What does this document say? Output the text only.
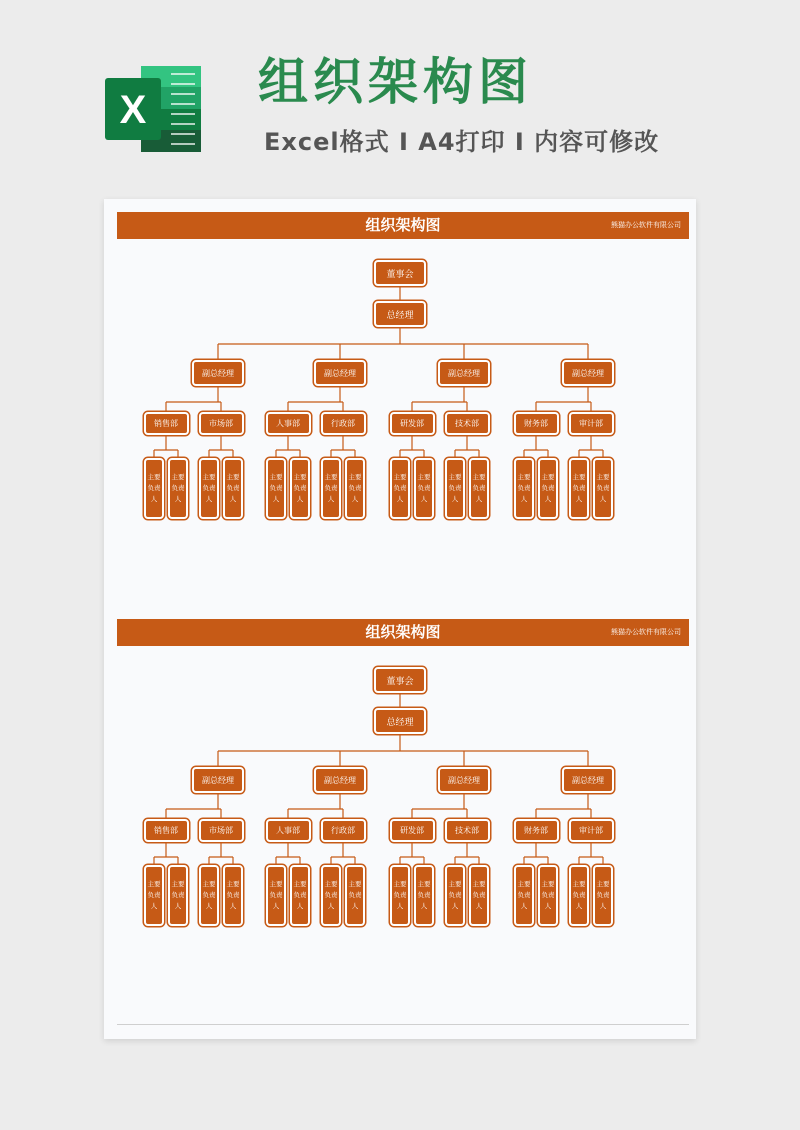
X 组织架构图
Excel格式 I A4打印 I 内容可修改
组织架构图	熊猫办公软件有限公司
董事会
总经理
副总经理
销售部
主要负责人
主要负责人
市场部
主要负责人
主要负责人
副总经理
人事部
主要负责人
主要负责人
行政部
主要负责人
主要负责人
副总经理
研发部
主要负责人
主要负责人
技术部
主要负责人
主要负责人
副总经理
财务部
主要负责人
主要负责人
审计部
主要负责人
主要负责人
组织架构图	熊猫办公软件有限公司
董事会
总经理
副总经理
销售部
主要负责人
主要负责人
市场部
主要负责人
主要负责人
副总经理
人事部
主要负责人
主要负责人
行政部
主要负责人
主要负责人
副总经理
研发部
主要负责人
主要负责人
技术部
主要负责人
主要负责人
副总经理
财务部
主要负责人
主要负责人
审计部
主要负责人
主要负责人
